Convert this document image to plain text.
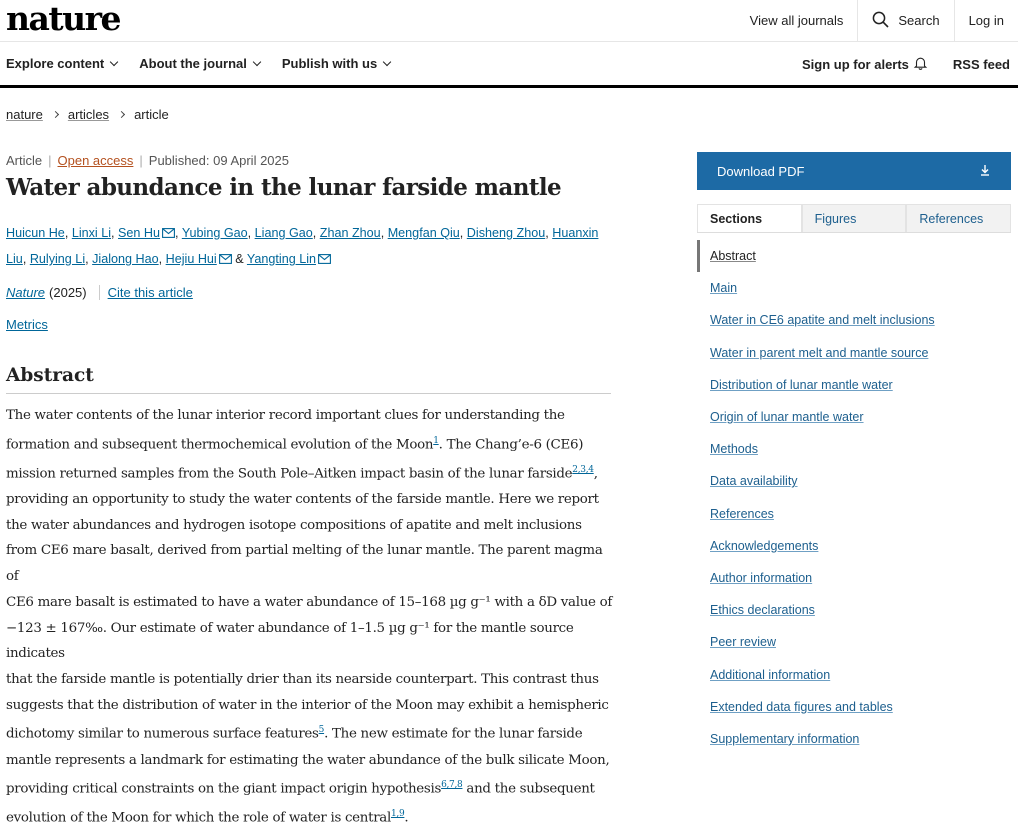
nature	View all journals	Search Log in
Explore content	About the journal	Publish with us	Sign up for alerts	RSS feed
nature articles article
Article | Open access | Published: 09 April 2025
Water abundance in the lunar farside mantle
Huicun He, Linxi Li, Sen Hu , Yubing Gao, Liang Gao, Zhan Zhou, Mengfan Qiu, Disheng Zhou, Huanxin Liu, Rulying Li, Jialong Hao, Hejiu Hui & Yangting Lin
Nature (2025)	Cite this article
Metrics
Abstract
The water contents of the lunar interior record important clues for understanding the
formation and subsequent thermochemical evolution of the Moon$^1$. The Chang’e-6 (CE6)
mission returned samples from the South Pole–Aitken impact basin of the lunar farside$^{2,3,4}$,
providing an opportunity to study the water contents of the farside mantle. Here we report
the water abundances and hydrogen isotope compositions of apatite and melt inclusions
from CE6 mare basalt, derived from partial melting of the lunar mantle. The parent magma of
CE6 mare basalt is estimated to have a water abundance of 15–168 µg g⁻¹ with a δD value of
−123 ± 167‰. Our estimate of water abundance of 1–1.5 µg g⁻¹ for the mantle source indicates
that the farside mantle is potentially drier than its nearside counterpart. This contrast thus
suggests that the distribution of water in the interior of the Moon may exhibit a hemispheric
dichotomy similar to numerous surface features$^5$. The new estimate for the lunar farside
mantle represents a landmark for estimating the water abundance of the bulk silicate Moon,
providing critical constraints on the giant impact origin hypothesis$^{6,7,8}$ and the subsequent
evolution of the Moon for which the role of water is central$^{1,9}$.
Download PDF
Sections	Figures	References
Abstract
Main
Water in CE6 apatite and melt inclusions
Water in parent melt and mantle source
Distribution of lunar mantle water
Origin of lunar mantle water
Methods
Data availability
References
Acknowledgements
Author information
Ethics declarations
Peer review
Additional information
Extended data figures and tables
Supplementary information
